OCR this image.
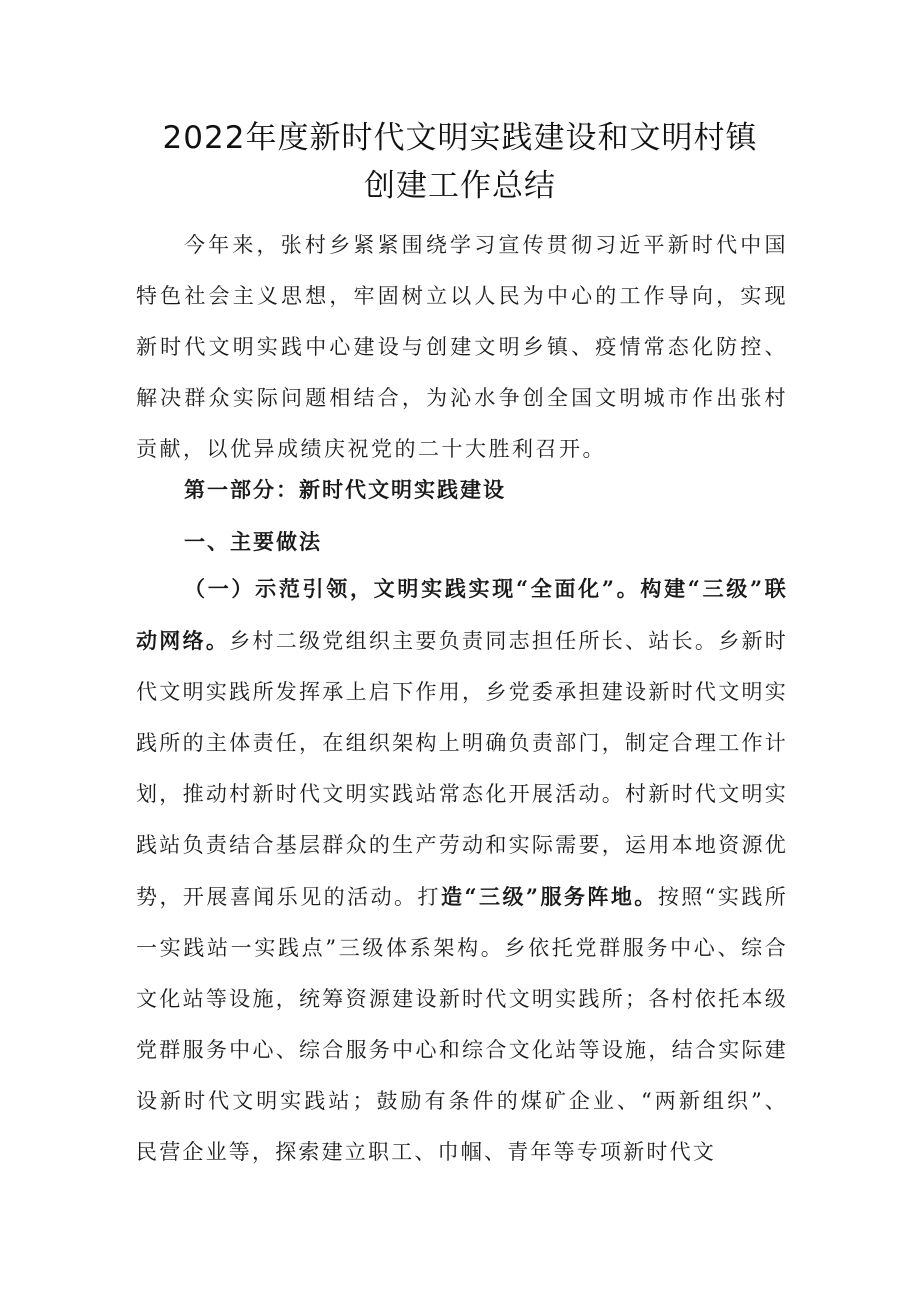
2022年度新时代文明实践建设和文明村镇
创建工作总结
今年来，张村乡紧紧围绕学习宣传贯彻习近平新时代中国特色社会主义思想，牢固树立以人民为中心的工作导向，实现新时代文明实践中心建设与创建文明乡镇、疫情常态化防控、解决群众实际问题相结合，为沁水争创全国文明城市作出张村贡献，以优异成绩庆祝党的二十大胜利召开。
第一部分：新时代文明实践建设
一、主要做法
（一）示范引领，文明实践实现“全面化”。构建“三级”联动网络。乡村二级党组织主要负责同志担任所长、站长。乡新时代文明实践所发挥承上启下作用，乡党委承担建设新时代文明实践所的主体责任，在组织架构上明确负责部门，制定合理工作计划，推动村新时代文明实践站常态化开展活动。村新时代文明实践站负责结合基层群众的生产劳动和实际需要，运用本地资源优势，开展喜闻乐见的活动。打造“三级”服务阵地。按照“实践所一实践站一实践点”三级体系架构。乡依托党群服务中心、综合文化站等设施，统筹资源建设新时代文明实践所；各村依托本级党群服务中心、综合服务中心和综合文化站等设施，结合实际建设新时代文明实践站；鼓励有条件的煤矿企业、“两新组织”、民营企业等，探索建立职工、巾帼、青年等专项新时代文
